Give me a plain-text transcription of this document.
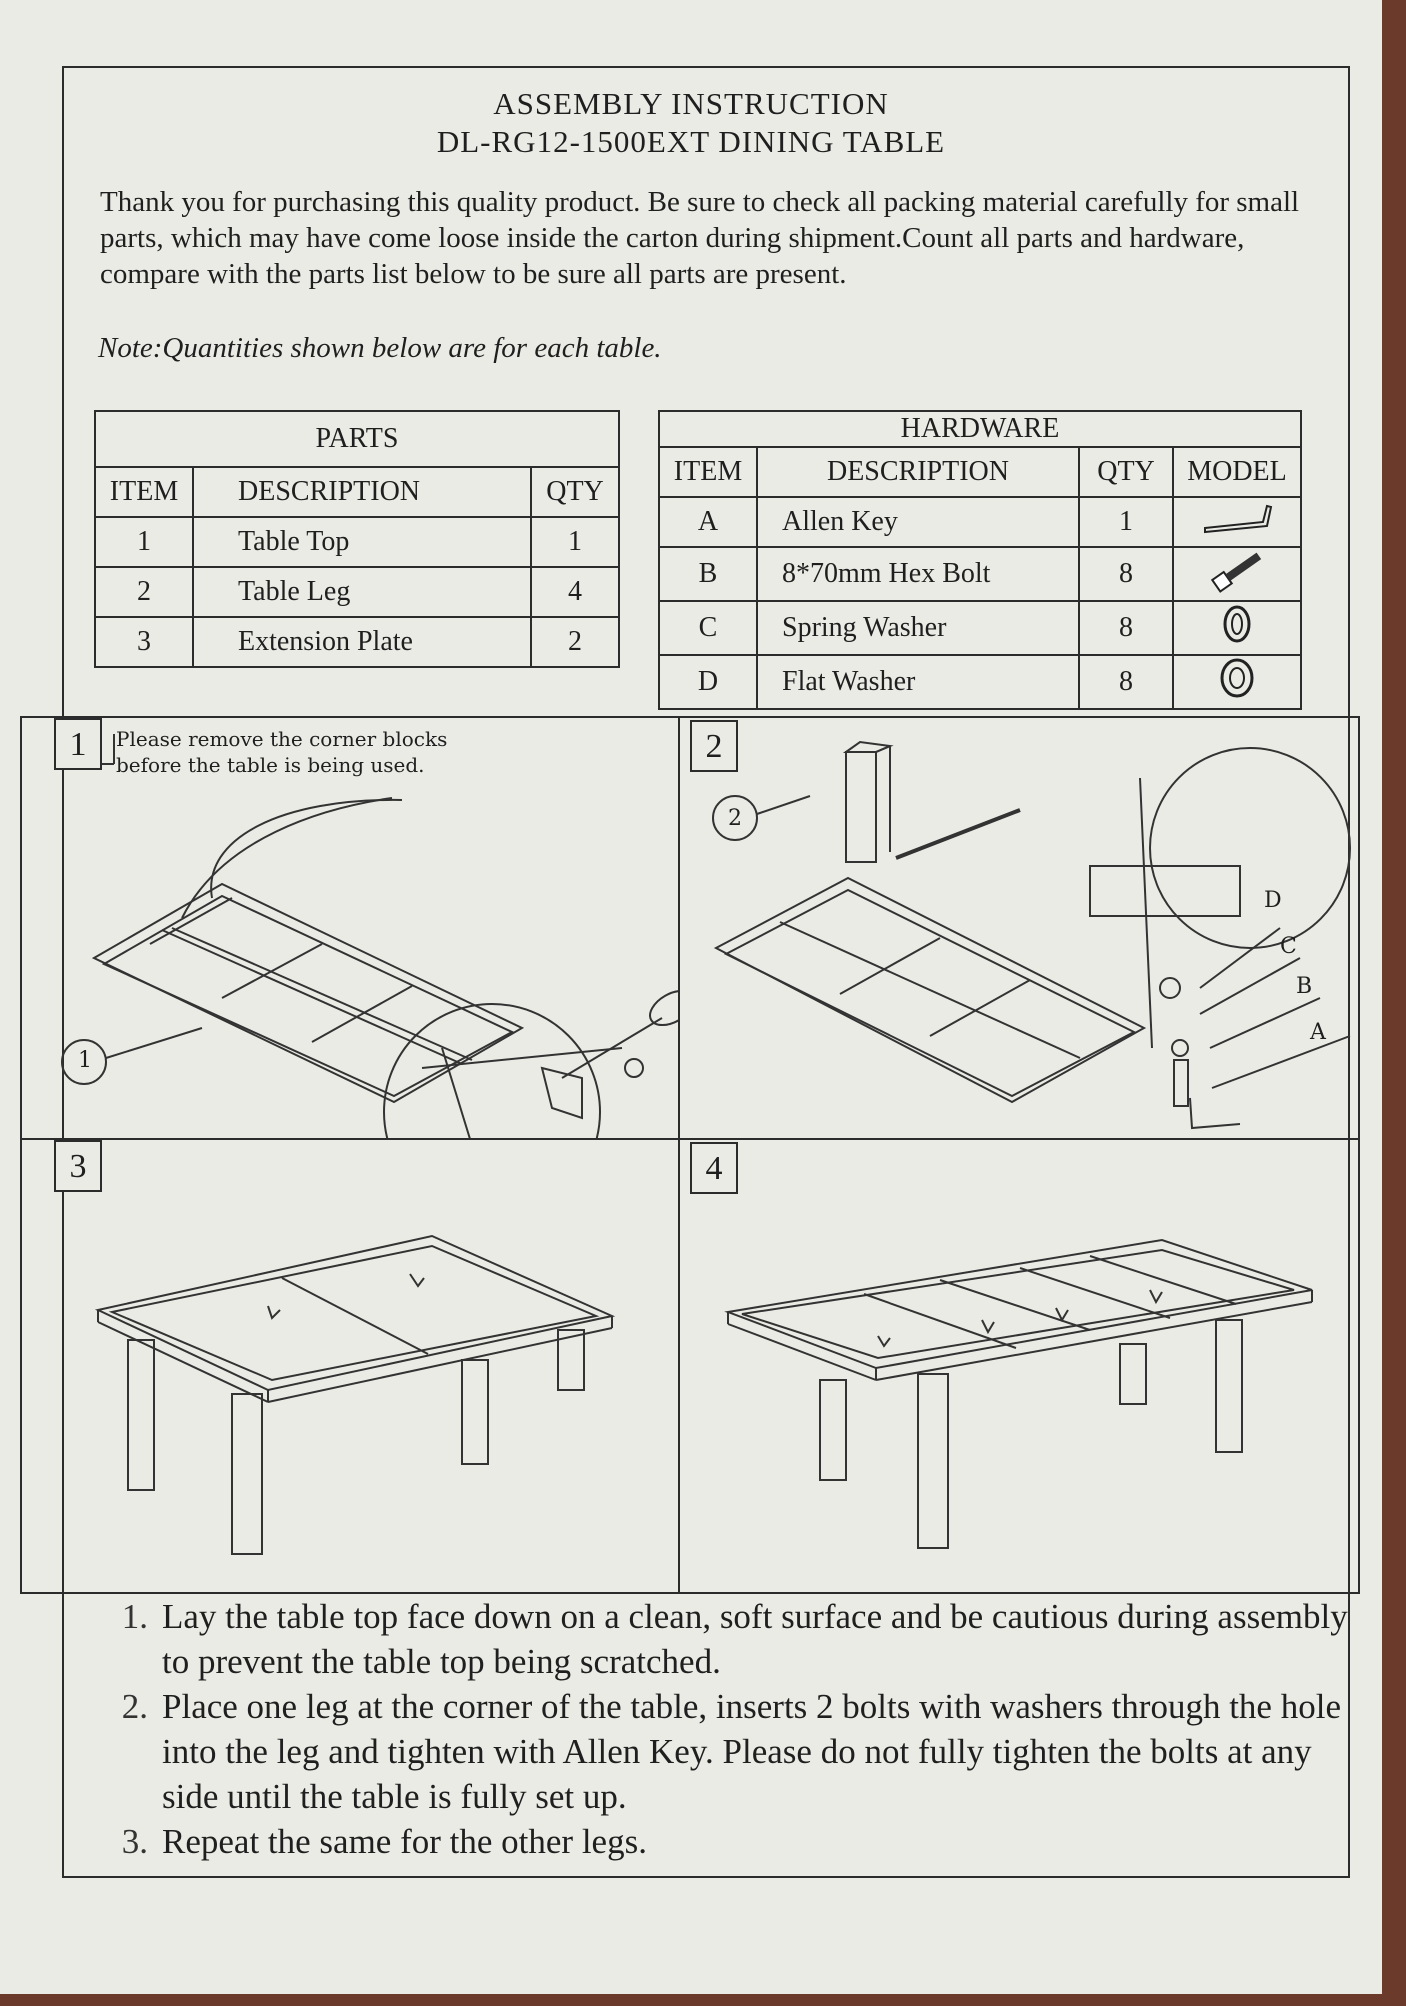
ASSEMBLY INSTRUCTION
DL-RG12-1500EXT DINING TABLE
Thank you for purchasing this quality product. Be sure to check all packing material carefully for small parts, which may have come loose inside the carton during shipment.Count all parts and hardware, compare with the parts list below to be sure all parts are present.
Note:Quantities shown below are for each table.
PARTS		
ITEM	DESCRIPTION	QTY
1	Table Top	1
2	Table Leg	4
3	Extension Plate	2
HARDWARE			
ITEM	DESCRIPTION	QTY	MODEL
A	Allen Key	1	
B	8*70mm Hex Bolt	8	
C	Spring Washer	8	
D	Flat Washer	8	
1	Please remove the corner blocks
before the table is being used.
1
2
2
D
C
B
A
3	4
1. Lay the table top face down on a clean, soft surface and be cautious during assembly to prevent the table top being scratched.
2. Place one leg at the corner of the table, inserts 2 bolts with washers through the hole into the leg and tighten with Allen Key. Please do not fully tighten the bolts at any side until the table is fully set up.
3. Repeat the same for the other legs.
